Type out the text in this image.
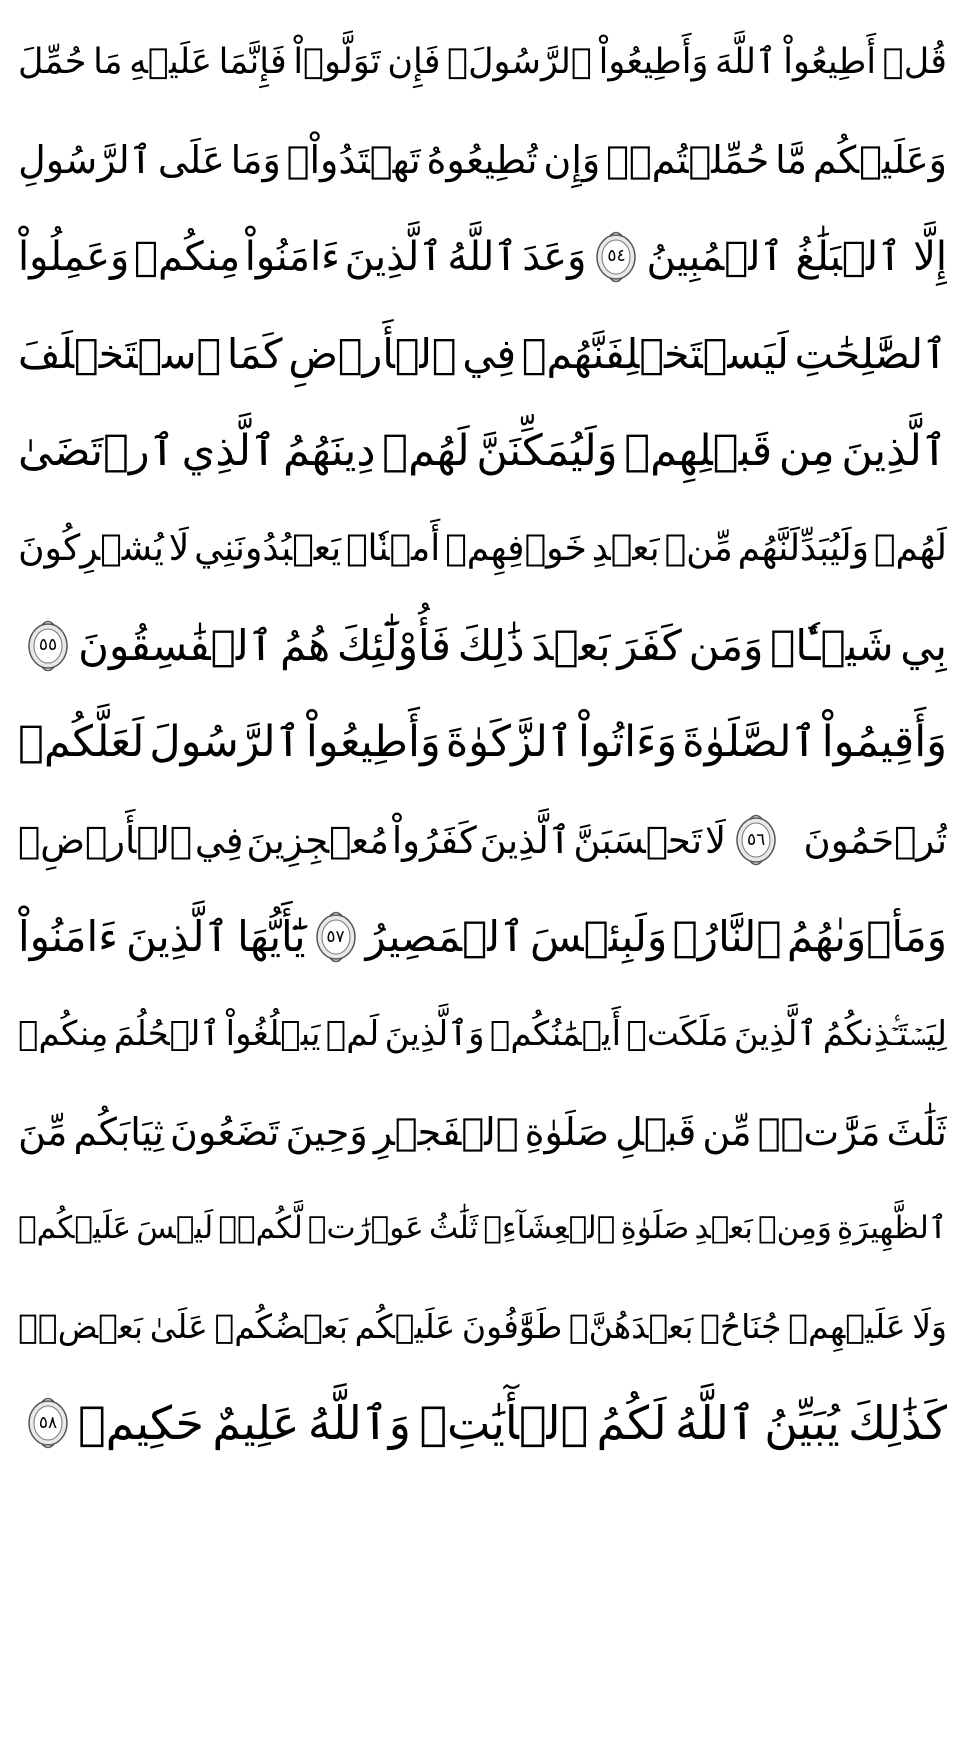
قُلۡ
أَطِيعُواْ
ٱللَّهَ
وَأَطِيعُواْ
ٱلرَّسُولَۖ
فَإِن
تَوَلَّوۡاْ
فَإِنَّمَا
عَلَيۡهِ
مَا
حُمِّلَ
وَعَلَيۡكُم
مَّا
حُمِّلۡتُمۡۖ
وَإِن
تُطِيعُوهُ
تَهۡتَدُواْۚ
وَمَا
عَلَى
ٱلرَّسُولِ
إِلَّا
ٱلۡبَلَٰغُ
ٱلۡمُبِينُ
٥٤
وَعَدَ
ٱللَّهُ
ٱلَّذِينَ
ءَامَنُواْ
مِنكُمۡ
وَعَمِلُواْ
ٱلصَّٰلِحَٰتِ
لَيَسۡتَخۡلِفَنَّهُمۡ
فِي
ٱلۡأَرۡضِ
كَمَا
ٱسۡتَخۡلَفَ
ٱلَّذِينَ
مِن
قَبۡلِهِمۡ
وَلَيُمَكِّنَنَّ
لَهُمۡ
دِينَهُمُ
ٱلَّذِي
ٱرۡتَضَىٰ
لَهُمۡ
وَلَيُبَدِّلَنَّهُم
مِّنۢ
بَعۡدِ
خَوۡفِهِمۡ
أَمۡنٗاۚ
يَعۡبُدُونَنِي
لَا
يُشۡرِكُونَ
بِي
شَيۡـٔٗاۚ
وَمَن
كَفَرَ
بَعۡدَ
ذَٰلِكَ
فَأُوْلَٰٓئِكَ
هُمُ
ٱلۡفَٰسِقُونَ
٥٥
وَأَقِيمُواْ
ٱلصَّلَوٰةَ
وَءَاتُواْ
ٱلزَّكَوٰةَ
وَأَطِيعُواْ
ٱلرَّسُولَ
لَعَلَّكُمۡ
تُرۡحَمُونَ
٥٦
لَا
تَحۡسَبَنَّ
ٱلَّذِينَ
كَفَرُواْ
مُعۡجِزِينَ
فِي
ٱلۡأَرۡضِۚ
وَمَأۡوَىٰهُمُ
ٱلنَّارُۖ
وَلَبِئۡسَ
ٱلۡمَصِيرُ
٥٧
يَٰٓأَيُّهَا
ٱلَّذِينَ
ءَامَنُواْ
لِيَسۡتَـٔۡذِنكُمُ
ٱلَّذِينَ
مَلَكَتۡ
أَيۡمَٰنُكُمۡ
وَٱلَّذِينَ
لَمۡ
يَبۡلُغُواْ
ٱلۡحُلُمَ
مِنكُمۡ
ثَلَٰثَ
مَرَّٰتٖۚ
مِّن
قَبۡلِ
صَلَوٰةِ
ٱلۡفَجۡرِ
وَحِينَ
تَضَعُونَ
ثِيَابَكُم
مِّنَ
ٱلظَّهِيرَةِ
وَمِنۢ
بَعۡدِ
صَلَوٰةِ
ٱلۡعِشَآءِۚ
ثَلَٰثُ
عَوۡرَٰتٖ
لَّكُمۡۚ
لَيۡسَ
عَلَيۡكُمۡ
وَلَا
عَلَيۡهِمۡ
جُنَاحُۢ
بَعۡدَهُنَّۚ
طَوَّٰفُونَ
عَلَيۡكُم
بَعۡضُكُمۡ
عَلَىٰ
بَعۡضٖۚ
كَذَٰلِكَ
يُبَيِّنُ
ٱللَّهُ
لَكُمُ
ٱلۡأٓيَٰتِۗ
وَٱللَّهُ
عَلِيمٌ
حَكِيمٞ
٥٨
